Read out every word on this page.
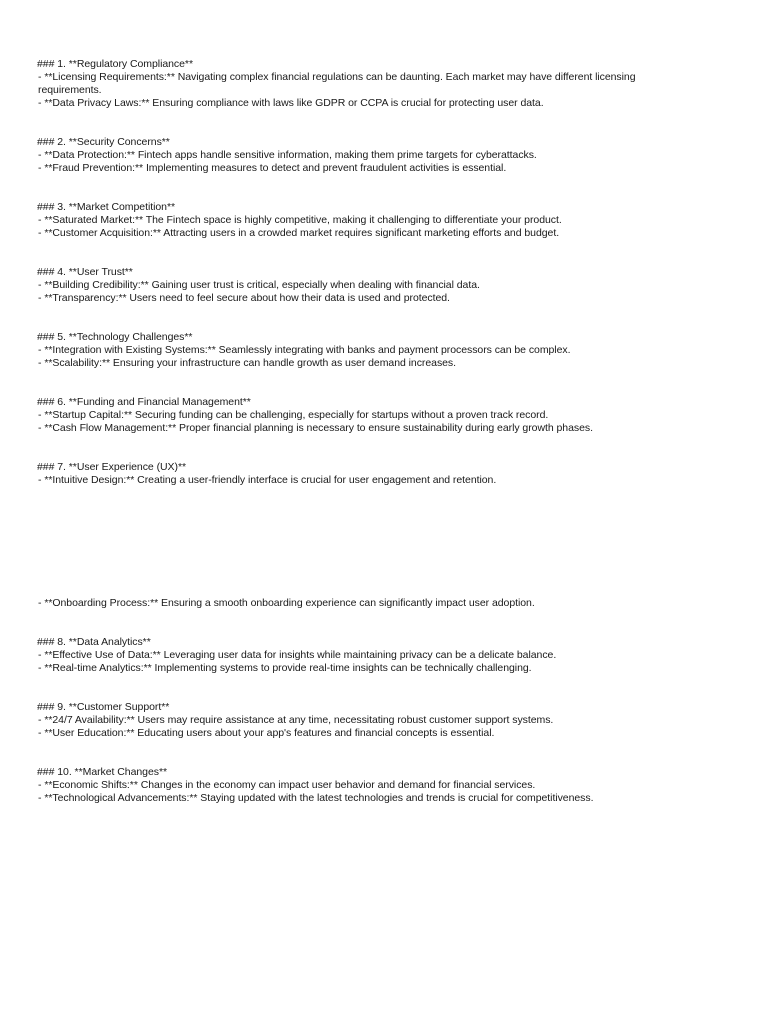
### 1. **Regulatory Compliance**
- **Licensing Requirements:** Navigating complex financial regulations can be daunting. Each market may have different licensing requirements.
- **Data Privacy Laws:** Ensuring compliance with laws like GDPR or CCPA is crucial for protecting user data.
### 2. **Security Concerns**
- **Data Protection:** Fintech apps handle sensitive information, making them prime targets for cyberattacks.
- **Fraud Prevention:** Implementing measures to detect and prevent fraudulent activities is essential.
### 3. **Market Competition**
- **Saturated Market:** The Fintech space is highly competitive, making it challenging to differentiate your product.
- **Customer Acquisition:** Attracting users in a crowded market requires significant marketing efforts and budget.
### 4. **User Trust**
- **Building Credibility:** Gaining user trust is critical, especially when dealing with financial data.
- **Transparency:** Users need to feel secure about how their data is used and protected.
### 5. **Technology Challenges**
- **Integration with Existing Systems:** Seamlessly integrating with banks and payment processors can be complex.
- **Scalability:** Ensuring your infrastructure can handle growth as user demand increases.
### 6. **Funding and Financial Management**
- **Startup Capital:** Securing funding can be challenging, especially for startups without a proven track record.
- **Cash Flow Management:** Proper financial planning is necessary to ensure sustainability during early growth phases.
### 7. **User Experience (UX)**
- **Intuitive Design:** Creating a user-friendly interface is crucial for user engagement and retention.
- **Onboarding Process:** Ensuring a smooth onboarding experience can significantly impact user adoption.
### 8. **Data Analytics**
- **Effective Use of Data:** Leveraging user data for insights while maintaining privacy can be a delicate balance.
- **Real-time Analytics:** Implementing systems to provide real-time insights can be technically challenging.
### 9. **Customer Support**
- **24/7 Availability:** Users may require assistance at any time, necessitating robust customer support systems.
- **User Education:** Educating users about your app's features and financial concepts is essential.
### 10. **Market Changes**
- **Economic Shifts:** Changes in the economy can impact user behavior and demand for financial services.
- **Technological Advancements:** Staying updated with the latest technologies and trends is crucial for competitiveness.
